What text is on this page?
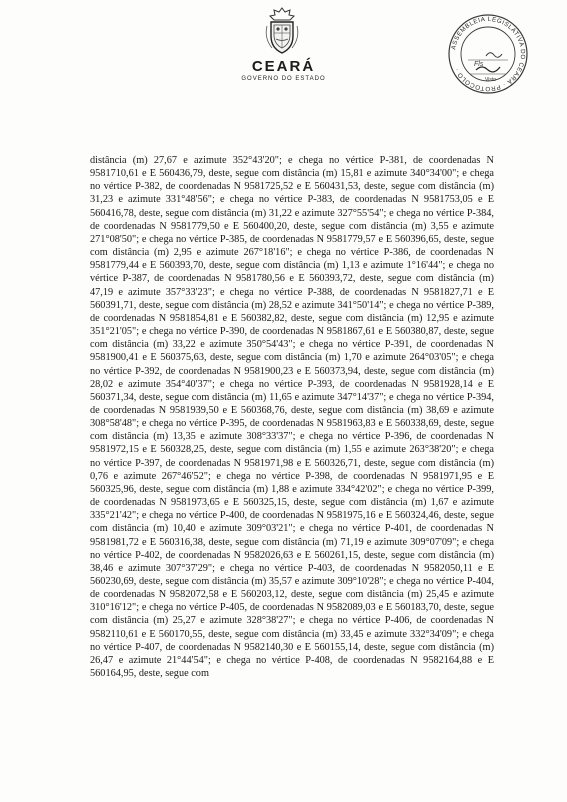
CEARÁ
GOVERNO DO ESTADO
ASSEMBLEIA LEGISLATIVA DO CEARÁ · PROTOCOLO ·
Fls
Visto

distância (m) 27,67 e azimute 352°43'20"; e chega no vértice P-381, de coordenadas N 9581710,61 e E 560436,79, deste, segue com distância (m) 15,81 e azimute 340°34'00"; e chega no vértice P-382, de coordenadas N 9581725,52 e E 560431,53, deste, segue com distância (m) 31,23 e azimute 331°48'56"; e chega no vértice P-383, de coordenadas N 9581753,05 e E 560416,78, deste, segue com distância (m) 31,22 e azimute 327°55'54"; e chega no vértice P-384, de coordenadas N 9581779,50 e E 560400,20, deste, segue com distância (m) 3,55 e azimute 271°08'50"; e chega no vértice P-385, de coordenadas N 9581779,57 e E 560396,65, deste, segue com distância (m) 2,95 e azimute 267°18'16"; e chega no vértice P-386, de coordenadas N 9581779,44 e E 560393,70, deste, segue com distância (m) 1,13 e azimute 1°16'44"; e chega no vértice P-387, de coordenadas N 9581780,56 e E 560393,72, deste, segue com distância (m) 47,19 e azimute 357°33'23"; e chega no vértice P-388, de coordenadas N 9581827,71 e E 560391,71, deste, segue com distância (m) 28,52 e azimute 341°50'14"; e chega no vértice P-389, de coordenadas N 9581854,81 e E 560382,82, deste, segue com distância (m) 12,95 e azimute 351°21'05"; e chega no vértice P-390, de coordenadas N 9581867,61 e E 560380,87, deste, segue com distância (m) 33,22 e azimute 350°54'43"; e chega no vértice P-391, de coordenadas N 9581900,41 e E 560375,63, deste, segue com distância (m) 1,70 e azimute 264°03'05"; e chega no vértice P-392, de coordenadas N 9581900,23 e E 560373,94, deste, segue com distância (m) 28,02 e azimute 354°40'37"; e chega no vértice P-393, de coordenadas N 9581928,14 e E 560371,34, deste, segue com distância (m) 11,65 e azimute 347°14'37"; e chega no vértice P-394, de coordenadas N 9581939,50 e E 560368,76, deste, segue com distância (m) 38,69 e azimute 308°58'48"; e chega no vértice P-395, de coordenadas N 9581963,83 e E 560338,69, deste, segue com distância (m) 13,35 e azimute 308°33'37"; e chega no vértice P-396, de coordenadas N 9581972,15 e E 560328,25, deste, segue com distância (m) 1,55 e azimute 263°38'20"; e chega no vértice P-397, de coordenadas N 9581971,98 e E 560326,71, deste, segue com distância (m) 0,76 e azimute 267°46'52"; e chega no vértice P-398, de coordenadas N 9581971,95 e E 560325,96, deste, segue com distância (m) 1,88 e azimute 334°42'02"; e chega no vértice P-399, de coordenadas N 9581973,65 e E 560325,15, deste, segue com distância (m) 1,67 e azimute 335°21'42"; e chega no vértice P-400, de coordenadas N 9581975,16 e E 560324,46, deste, segue com distância (m) 10,40 e azimute 309°03'21"; e chega no vértice P-401, de coordenadas N 9581981,72 e E 560316,38, deste, segue com distância (m) 71,19 e azimute 309°07'09"; e chega no vértice P-402, de coordenadas N 9582026,63 e E 560261,15, deste, segue com distância (m) 38,46 e azimute 307°37'29"; e chega no vértice P-403, de coordenadas N 9582050,11 e E 560230,69, deste, segue com distância (m) 35,57 e azimute 309°10'28"; e chega no vértice P-404, de coordenadas N 9582072,58 e E 560203,12, deste, segue com distância (m) 25,45 e azimute 310°16'12"; e chega no vértice P-405, de coordenadas N 9582089,03 e E 560183,70, deste, segue com distância (m) 25,27 e azimute 328°38'27"; e chega no vértice P-406, de coordenadas N 9582110,61 e E 560170,55, deste, segue com distância (m) 33,45 e azimute 332°34'09"; e chega no vértice P-407, de coordenadas N 9582140,30 e E 560155,14, deste, segue com distância (m) 26,47 e azimute 21°44'54"; e chega no vértice P-408, de coordenadas N 9582164,88 e E 560164,95, deste, segue com
